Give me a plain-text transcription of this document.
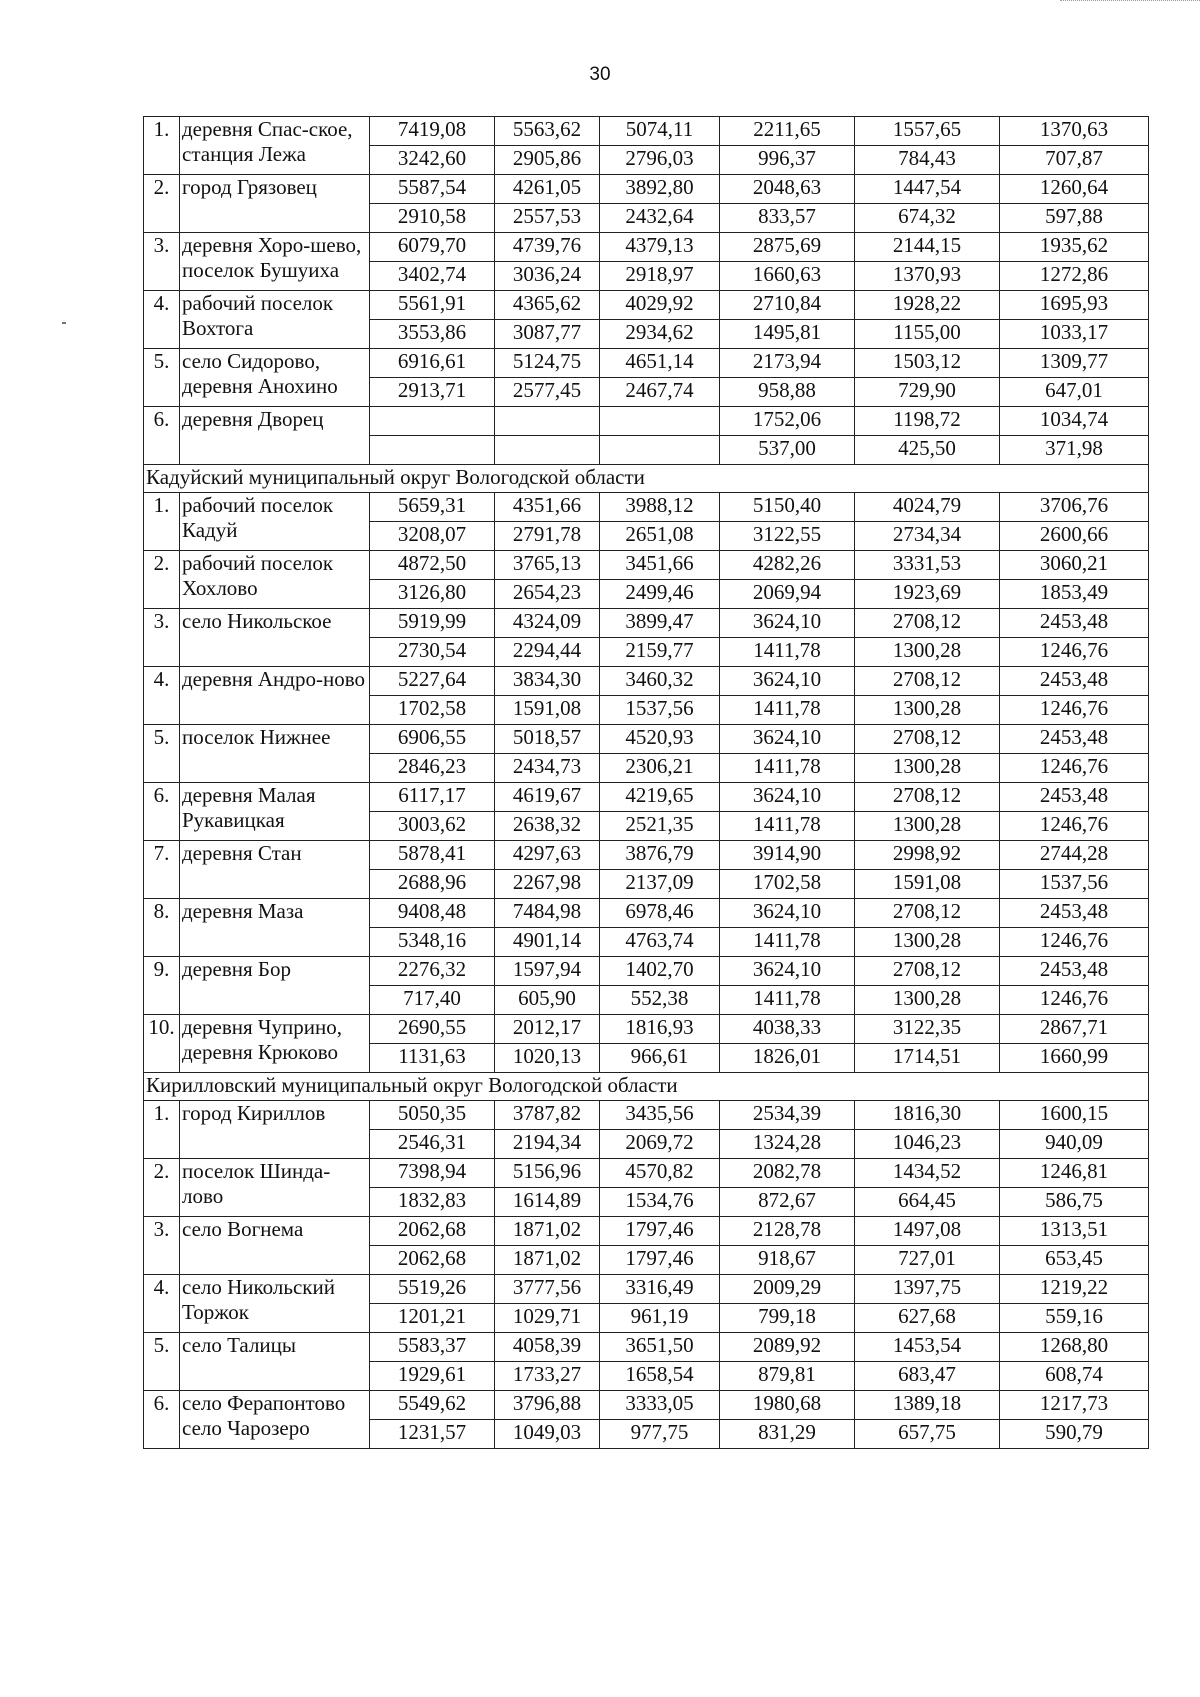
30
1.	деревня Спас-ское, станция Лежа	7419,08	5563,62	5074,11	2211,65	1557,65	1370,63
		3242,60	2905,86	2796,03	996,37	784,43	707,87
2.	город Грязовец	5587,54	4261,05	3892,80	2048,63	1447,54	1260,64
		2910,58	2557,53	2432,64	833,57	674,32	597,88
3.	деревня Хоро-шево, поселок Бушуиха	6079,70	4739,76	4379,13	2875,69	2144,15	1935,62
		3402,74	3036,24	2918,97	1660,63	1370,93	1272,86
4.	рабочий поселок Вохтога	5561,91	4365,62	4029,92	2710,84	1928,22	1695,93
		3553,86	3087,77	2934,62	1495,81	1155,00	1033,17
5.	село Сидорово, деревня Анохино	6916,61	5124,75	4651,14	2173,94	1503,12	1309,77
		2913,71	2577,45	2467,74	958,88	729,90	647,01
6.	деревня Дворец				1752,06	1198,72	1034,74
					537,00	425,50	371,98
Кадуйский муниципальный округ Вологодской области							
1.	рабочий поселок Кадуй	5659,31	4351,66	3988,12	5150,40	4024,79	3706,76
		3208,07	2791,78	2651,08	3122,55	2734,34	2600,66
2.	рабочий поселок Хохлово	4872,50	3765,13	3451,66	4282,26	3331,53	3060,21
		3126,80	2654,23	2499,46	2069,94	1923,69	1853,49
3.	село Никольское	5919,99	4324,09	3899,47	3624,10	2708,12	2453,48
		2730,54	2294,44	2159,77	1411,78	1300,28	1246,76
4.	деревня Андро-ново	5227,64	3834,30	3460,32	3624,10	2708,12	2453,48
		1702,58	1591,08	1537,56	1411,78	1300,28	1246,76
5.	поселок Нижнее	6906,55	5018,57	4520,93	3624,10	2708,12	2453,48
		2846,23	2434,73	2306,21	1411,78	1300,28	1246,76
6.	деревня Малая Рукавицкая	6117,17	4619,67	4219,65	3624,10	2708,12	2453,48
		3003,62	2638,32	2521,35	1411,78	1300,28	1246,76
7.	деревня Стан	5878,41	4297,63	3876,79	3914,90	2998,92	2744,28
		2688,96	2267,98	2137,09	1702,58	1591,08	1537,56
8.	деревня Маза	9408,48	7484,98	6978,46	3624,10	2708,12	2453,48
		5348,16	4901,14	4763,74	1411,78	1300,28	1246,76
9.	деревня Бор	2276,32	1597,94	1402,70	3624,10	2708,12	2453,48
		717,40	605,90	552,38	1411,78	1300,28	1246,76
10.	деревня Чуприно, деревня Крюково	2690,55	2012,17	1816,93	4038,33	3122,35	2867,71
		1131,63	1020,13	966,61	1826,01	1714,51	1660,99
Кирилловский муниципальный округ Вологодской области							
1.	город Кириллов	5050,35	3787,82	3435,56	2534,39	1816,30	1600,15
		2546,31	2194,34	2069,72	1324,28	1046,23	940,09
2.	поселок Шинда-лово	7398,94	5156,96	4570,82	2082,78	1434,52	1246,81
		1832,83	1614,89	1534,76	872,67	664,45	586,75
3.	село Вогнема	2062,68	1871,02	1797,46	2128,78	1497,08	1313,51
		2062,68	1871,02	1797,46	918,67	727,01	653,45
4.	село Никольский Торжок	5519,26	3777,56	3316,49	2009,29	1397,75	1219,22
		1201,21	1029,71	961,19	799,18	627,68	559,16
5.	село Талицы	5583,37	4058,39	3651,50	2089,92	1453,54	1268,80
		1929,61	1733,27	1658,54	879,81	683,47	608,74
6.	село Ферапонтово село Чарозеро	5549,62	3796,88	3333,05	1980,68	1389,18	1217,73
		1231,57	1049,03	977,75	831,29	657,75	590,79
